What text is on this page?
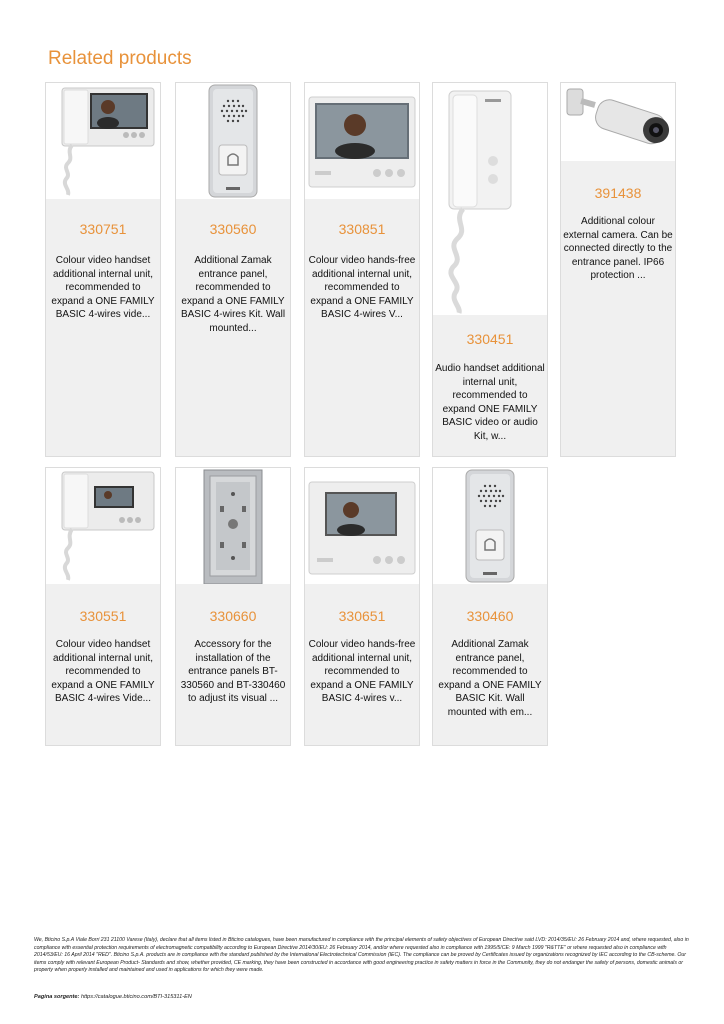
Related products
330751
Colour video handset additional internal unit, recommended to expand a ONE FAMILY BASIC 4-wires vide...
330560
Additional Zamak entrance panel, recommended to expand a ONE FAMILY BASIC 4-wires Kit. Wall mounted...
330851
Colour video hands-free additional internal unit, recommended to expand a ONE FAMILY BASIC 4-wires V...
330451
Audio handset additional internal unit, recommended to expand ONE FAMILY BASIC video or audio Kit, w...
391438
Additional colour external camera. Can be connected directly to the entrance panel. IP66 protection ...
330551
Colour video handset additional internal unit, recommended to expand a ONE FAMILY BASIC 4-wires Vide...
330660
Accessory for the installation of the entrance panels BT-330560 and BT-330460 to adjust its visual ...
330651
Colour video hands-free additional internal unit, recommended to expand a ONE FAMILY BASIC 4-wires v...
330460
Additional Zamak entrance panel, recommended to expand a ONE FAMILY BASIC Kit. Wall mounted with em...
We, Bticino S.p.A Viale Borri 231 21100 Varese (Italy), declare that all items listed in Bticino catalogues, have been manufactured in compliance with the principal elements of safety objectives of European Directive said LVD: 2014/35/EU: 26 February 2014 and, where requested, also in compliance with essential protection requirements of electromagnetic compatibility according to European Directive 2014/30/EU: 26 February 2014, and/or where requested also in compliance with 1995/5/CE: 9 March 1999 "R&TTE" or where requested also in compliance with 2014/53/EU: 16 April 2014 "RED". Bticino S.p.A. products are in compliance with the standard published by the International Electrotechnical Commission (IEC). The compliance can be proved by Certificates issued by organizations recognized by IEC according to the CB-scheme. Our items comply with relevant European Product- Standards and show, whether provided, CE marking, they have been constructed in accordance with good engineering practice in safety matters in force in the Community, they do not endanger the safety of persons, domestic animals or property when properly installed and maintained and used in applications for which they were made.
Pagina sorgente: https://catalogue.bticino.com/BTI-315311-EN
